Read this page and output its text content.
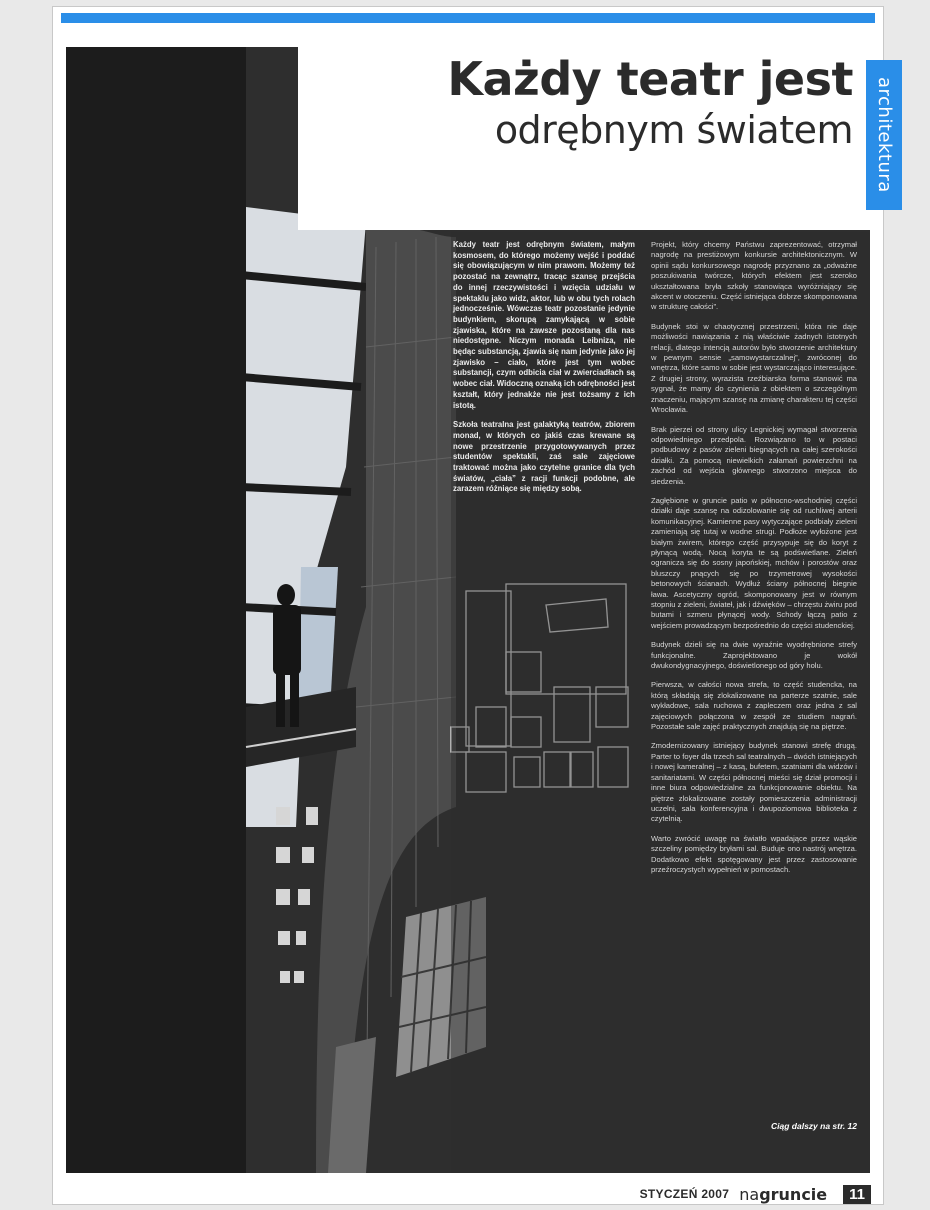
Każdy teatr jest
odrębnym światem

Każdy teatr jest odrębnym światem, małym kosmosem, do którego możemy wejść i poddać się obowiązującym w nim prawom. Możemy też pozostać na zewnątrz, tracąc szansę przejścia do innej rzeczywistości i wzięcia udziału w spektaklu jako widz, aktor, lub w obu tych rolach jednocześnie. Wówczas teatr pozostanie jedynie budynkiem, skorupą zamykającą w sobie zjawiska, które na zawsze pozostaną dla nas niedostępne. Niczym monada Leibniza, nie będąc substancją, zjawia się nam jedynie jako jej zjawisko – ciało, które jest tym wobec substancji, czym odbicia ciał w zwierciadłach są wobec ciał. Widoczną oznaką ich odrębności jest kształt, który jednakże nie jest tożsamy z ich istotą.

Szkoła teatralna jest galaktyką teatrów, zbiorem monad, w których co jakiś czas krewane są nowe przestrzenie przygotowywanych przez studentów spektakli, zaś sale zajęciowe traktować można jako czytelne granice dla tych światów, „ciała” z racji funkcji podobne, ale zarazem różniące się między sobą.

Projekt, który chcemy Państwu zaprezentować, otrzymał nagrodę na prestiżowym konkursie architektonicznym. W opinii sądu konkursowego nagrodę przyznano za „odważne poszukiwania twórcze, których efektem jest szeroko ukształtowana bryła szkoły stanowiąca wyróżniający się akcent w otoczeniu. Część istniejąca dobrze skomponowana w strukturę całości”.

Budynek stoi w chaotycznej przestrzeni, która nie daje możliwości nawiązania z nią właściwie żadnych istotnych relacji, dlatego intencją autorów było stworzenie architektury w pewnym sensie „samowystarczalnej”, zwróconej do wnętrza, które samo w sobie jest wystarczająco interesujące. Z drugiej strony, wyrazista rzeźbiarska forma stanowić ma sygnał, że mamy do czynienia z obiektem o szczególnym znaczeniu, mającym szansę na zmianę charakteru tej części Wrocławia.

Brak pierzei od strony ulicy Legnickiej wymagał stworzenia odpowiedniego przedpola. Rozwiązano to w postaci podbudowy z pasów zieleni biegnących na całej szerokości działki. Za pomocą niewielkich załamań powierzchni na zachód od wejścia głównego stworzono miejsca do siedzenia.

Zagłębione w gruncie patio w północno-wschodniej części działki daje szansę na odizolowanie się od ruchliwej arterii komunikacyjnej. Kamienne pasy wytyczające podbiały zieleni zamieniają się tutaj w wodne strugi. Podłoże wyłożone jest białym żwirem, którego część przysypuje się do koryt z płynącą wodą. Nocą koryta te są podświetlane. Zieleń ogranicza się do sosny japońskiej, mchów i porostów oraz bluszczy pnących się po trzymetrowej wysokości betonowych ścianach. Wydłuż ściany północnej biegnie ława. Ascetyczny ogród, skomponowany jest w równym stopniu z zieleni, świateł, jak i dźwięków – chrzęstu żwiru pod butami i szmeru płynącej wody. Schody łączą patio z wejściem prowadzącym bezpośrednio do części studenckiej.

Budynek dzieli się na dwie wyraźnie wyodrębnione strefy funkcjonalne. Zaprojektowano je wokół dwukondygnacyjnego, doświetlonego od góry holu.

Pierwsza, w całości nowa strefa, to część studencka, na którą składają się zlokalizowane na parterze szatnie, sale wykładowe, sala ruchowa z zapleczem oraz jedna z sal zajęciowych połączona w zespół ze studiem nagrań. Pozostałe sale zajęć praktycznych znajdują się na piętrze.

Zmodernizowany istniejący budynek stanowi strefę drugą. Parter to foyer dla trzech sal teatralnych – dwóch istniejących i nowej kameralnej – z kasą, bufetem, szatniami dla widzów i sanitariatami. W części północnej mieści się dział promocji i inne biura odpowiedzialne za funkcjonowanie obiektu. Na piętrze zlokalizowane zostały pomieszczenia administracji uczelni, sala konferencyjna i dwupoziomowa biblioteka z czytelnią.

Warto zwrócić uwagę na światło wpadające przez wąskie szczeliny pomiędzy bryłami sal. Buduje ono nastrój wnętrza. Dodatkowo efekt spotęgowany jest przez zastosowanie przeźroczystych wypełnień w pomostach.

Ciąg dalszy na str. 12
STYCZEŃ 2007 nagruncie	11
architektura
